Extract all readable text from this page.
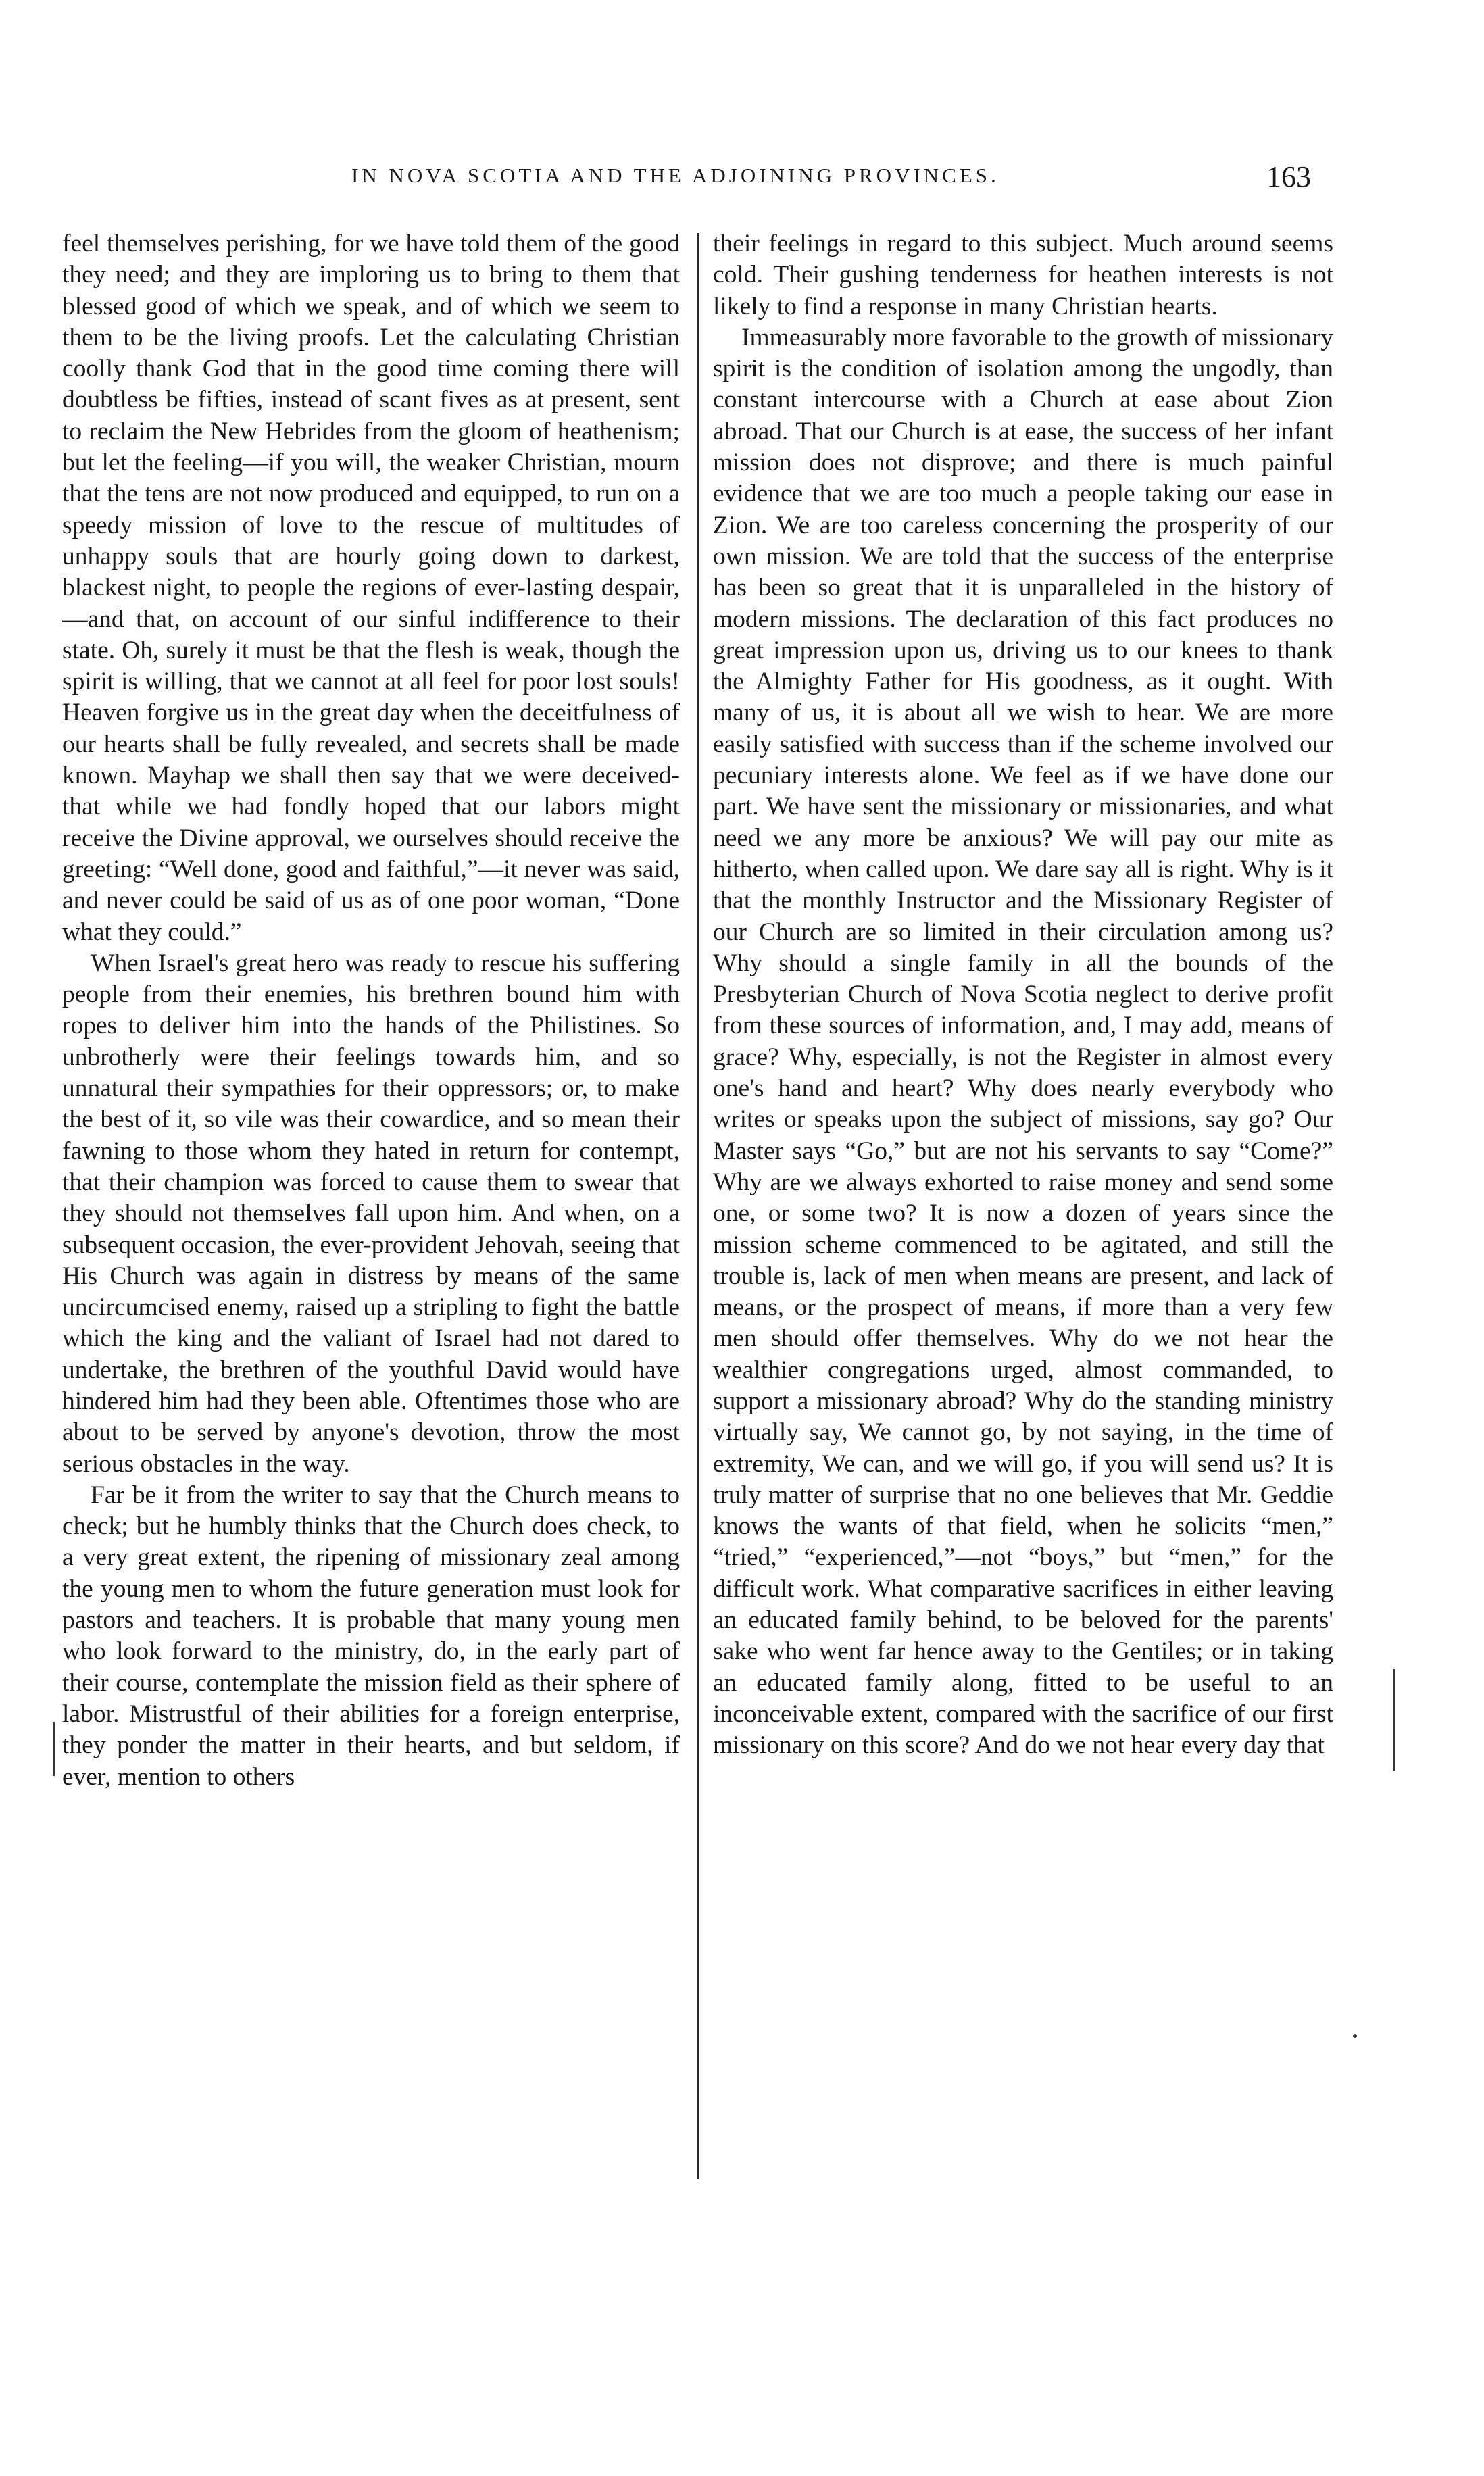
IN NOVA SCOTIA AND THE ADJOINING PROVINCES.	163

feel themselves perishing, for we have told them of the good they need; and they are imploring us to bring to them that blessed good of which we speak, and of which we seem to them to be the living proofs. Let the calculating Christian coolly thank God that in the good time coming there will doubtless be fifties, instead of scant fives as at present, sent to reclaim the New Hebrides from the gloom of heathenism; but let the feeling—if you will, the weaker Christian, mourn that the tens are not now produced and equipped, to run on a speedy mission of love to the rescue of multitudes of unhappy souls that are hourly going down to darkest, blackest night, to people the regions of ever-lasting despair,—and that, on account of our sinful indifference to their state. Oh, surely it must be that the flesh is weak, though the spirit is willing, that we cannot at all feel for poor lost souls! Heaven forgive us in the great day when the deceitfulness of our hearts shall be fully revealed, and secrets shall be made known. Mayhap we shall then say that we were deceived- that while we had fondly hoped that our labors might receive the Divine approval, we ourselves should receive the greeting: “Well done, good and faithful,”—it never was said, and never could be said of us as of one poor woman, “Done what they could.”

When Israel's great hero was ready to rescue his suffering people from their enemies, his brethren bound him with ropes to deliver him into the hands of the Philistines. So unbrotherly were their feelings towards him, and so unnatural their sympathies for their oppressors; or, to make the best of it, so vile was their cowardice, and so mean their fawning to those whom they hated in return for contempt, that their champion was forced to cause them to swear that they should not themselves fall upon him. And when, on a subsequent occasion, the ever-provident Jehovah, seeing that His Church was again in distress by means of the same uncircumcised enemy, raised up a stripling to fight the battle which the king and the valiant of Israel had not dared to undertake, the brethren of the youthful David would have hindered him had they been able. Oftentimes those who are about to be served by anyone's devotion, throw the most serious obstacles in the way.

Far be it from the writer to say that the Church means to check; but he humbly thinks that the Church does check, to a very great extent, the ripening of missionary zeal among the young men to whom the future generation must look for pastors and teachers. It is probable that many young men who look forward to the ministry, do, in the early part of their course, contemplate the mission field as their sphere of labor. Mistrustful of their abilities for a foreign enterprise, they ponder the matter in their hearts, and but seldom, if ever, mention to others

their feelings in regard to this subject. Much around seems cold. Their gushing tenderness for heathen interests is not likely to find a response in many Christian hearts.

Immeasurably more favorable to the growth of missionary spirit is the condition of isolation among the ungodly, than constant intercourse with a Church at ease about Zion abroad. That our Church is at ease, the success of her infant mission does not disprove; and there is much painful evidence that we are too much a people taking our ease in Zion. We are too careless concerning the prosperity of our own mission. We are told that the success of the enterprise has been so great that it is unparalleled in the history of modern missions. The declaration of this fact produces no great impression upon us, driving us to our knees to thank the Almighty Father for His goodness, as it ought. With many of us, it is about all we wish to hear. We are more easily satisfied with success than if the scheme involved our pecuniary interests alone. We feel as if we have done our part. We have sent the missionary or missionaries, and what need we any more be anxious? We will pay our mite as hitherto, when called upon. We dare say all is right. Why is it that the monthly Instructor and the Missionary Register of our Church are so limited in their circulation among us? Why should a single family in all the bounds of the Presbyterian Church of Nova Scotia neglect to derive profit from these sources of information, and, I may add, means of grace? Why, especially, is not the Register in almost every one's hand and heart? Why does nearly everybody who writes or speaks upon the subject of missions, say go? Our Master says “Go,” but are not his servants to say “Come?” Why are we always exhorted to raise money and send some one, or some two? It is now a dozen of years since the mission scheme commenced to be agitated, and still the trouble is, lack of men when means are present, and lack of means, or the prospect of means, if more than a very few men should offer themselves. Why do we not hear the wealthier congregations urged, almost commanded, to support a missionary abroad? Why do the standing ministry virtually say, We cannot go, by not saying, in the time of extremity, We can, and we will go, if you will send us? It is truly matter of surprise that no one believes that Mr. Geddie knows the wants of that field, when he solicits “men,” “tried,” “experienced,”—not “boys,” but “men,” for the difficult work. What comparative sacrifices in either leaving an educated family behind, to be beloved for the parents' sake who went far hence away to the Gentiles; or in taking an educated family along, fitted to be useful to an inconceivable extent, compared with the sacrifice of our first missionary on this score? And do we not hear every day that
